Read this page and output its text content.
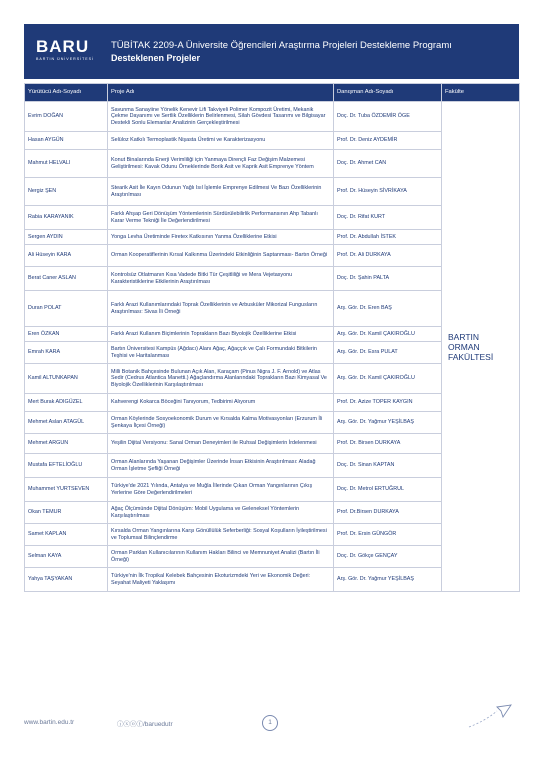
BARU
BARTIN ÜNİVERSİTESİ
TÜBİTAK 2209-A Üniversite Öğrencileri Araştırma Projeleri Destekleme Programı
Desteklenen Projeler
Yürütücü Adı-Soyadı	Proje Adı	Danışman Adı-Soyadı	Fakülte
Evrim DOĞAN	Savunma Sanayiine Yönelik Kenevir Lifi Takviyeli Polimer Kompozit Üretimi, Mekanik Çekme Dayanımı ve Sertlik Özelliklerin Belirlenmesi, Silah Gövdesi Tasarımı ve Bilgisayar Destekli Sonlu Elemanlar Analizinin Gerçekleştirilmesi	Doç. Dr. Tuba ÖZDEMİR ÖGE	BARTIN ORMAN FAKÜLTESİ
Hasan AYGÜN	Selüloz Katkılı Termoplastik Nişasta Üretimi ve Karakterizasyonu	Prof. Dr. Deniz AYDEMİR	
Mahmut HELVALI	Konut Binalarında Enerji Verimliliği için Yanmaya Dirençli Faz Değişim Malzemesi Geliştirilmesi: Kavak Odunu Örneklerinde Borik Asit ve Kaprik Asit Emprenye Yöntem	Doç. Dr. Ahmet CAN	
Nergiz ŞEN	Stearik Asit İle Kayın Odunun Yağlı Isıl İşlemle Emprenye Edilmesi Ve Bazı Özelliklerinin Araştırılması	Prof. Dr. Hüseyin SİVRİKAYA	
Rabia KARAYANIK	Farklı Ahşap Geri Dönüşüm Yöntemlerinin Sürdürülebilirlik Performansının Ahp Tabanlı Karar Verme Tekniği İle Değerlendirilmesi	Doç. Dr. Rifat KURT	
Sergen AYDIN	Yonga Levha Üretiminde Firetex Katkısının Yanma Özelliklerine Etkisi	Prof. Dr. Abdullah İSTEK	
Ali Hüseyin KARA	Orman Kooperatiflerinin Kırsal Kalkınma Üzerindeki Etkinliğinin Saptanması- Bartın Örneği	Prof. Dr. Ali DURKAYA	
Berat Caner ASLAN	Kontrolsüz Otlatmanın Kısa Vadede Bitki Tür Çeşitliliği ve Mera Vejetasyonu Karakteristiklerine Etkilerinin Araştırılması	Doç. Dr. Şahin PALTA	
Duran POLAT	Farklı Arazi Kullanımlarındaki Toprak Özelliklerinin ve Arbusküler Mikorizal Fungusların Araştırılması: Sivas İli Örneği	Arş. Gör. Dr. Eren BAŞ	
Eren ÖZKAN	Farklı Arazi Kullanım Biçimlerinin Toprakların Bazı Biyolojik Özelliklerine Etkisi	Arş. Gör. Dr. Kamil ÇAKIROĞLU	
Emrah KARA	Bartın Üniversitesi Kampüs (Ağdacı) Alanı Ağaç, Ağaççık ve Çalı Formundaki Bitkilerin Teşhisi ve Haritalanması	Arş. Gör. Dr. Esra PULAT	
Kamil ALTUNKAPAN	Milli Botanik Bahçesinde Bulunan Açık Alan, Karaçam (Pinus Nigra J. F. Arnold) ve Atlas Sedir (Cedrus Atlantica Manetti.) Ağaçlandırma Alanlarındaki Toprakların Bazı Kimyasal Ve Biyolojik Özelliklerinin Karşılaştırılması	Arş. Gör. Dr. Kamil ÇAKIROĞLU	
Mert Burak ADIGÜZEL	Kahverengi Kokarca Böceğini Tanıyorum, Tedbirimi Alıyorum	Prof. Dr. Azize TOPER KAYGIN	
Mehmet Aslan ATAGÜL	Orman Köylerinde Sosyoekonomik Durum ve Kırsalda Kalma Motivasyonları (Erzurum İli Şenkaya İlçesi Örneği)	Arş. Gör. Dr. Yağmur YEŞİLBAŞ	
Mehmet ARGUN	Yeşilin Dijital Versiyonu: Sanal Orman Deneyimleri ile Ruhsal Değişimlerin İrdelenmesi	Prof. Dr. Birsen DURKAYA	
Mustafa EFTELİOĞLU	Orman Alanlarında Yaşanan Değişimler Üzerinde İnsan Etkisinin Araştırılması: Aladağ Orman İşletme Şefliği Örneği	Doç. Dr. Sinan KAPTAN	
Muhammet YURTSEVEN	Türkiye'de 2021 Yılında, Antalya ve Muğla İllerinde Çıkan Orman Yangınlarının Çıkış Yerlerine Göre Değerlendirilmeleri	Doç. Dr. Metrol ERTUĞRUL	
Okan TEMUR	Ağaç Ölçümünde Dijital Dönüşüm: Mobil Uygulama ve Geleneksel Yöntemlerin Karşılaştırılması	Prof. Dr.Birsen DURKAYA	
Samet KAPLAN	Kırsalda Orman Yangınlarına Karşı Gönüllülük Seferberliği: Sosyal Koşulların İyileştirilmesi ve Toplumsal Bilinçlendirme	Prof. Dr. Ersin GÜNGÖR	
Selman KAYA	Orman Parkları Kullanıcılarının Kullanım Hakları Bilinci ve Memnuniyet Analizi (Bartın İli Örneği)	Doç. Dr. Gökçe GENÇAY	
Yahya TAŞYAKAN	Türkiye'nin İlk Tropikal Kelebek Bahçesinin Ekoturizmdeki Yeri ve Ekonomik Değeri: Seyahat Maliyeti Yaklaşımı	Arş. Gör. Dr. Yağmur YEŞİLBAŞ	
www.bartin.edu.tr	ⓘⓧⓞⓕ/baruedutr	1
